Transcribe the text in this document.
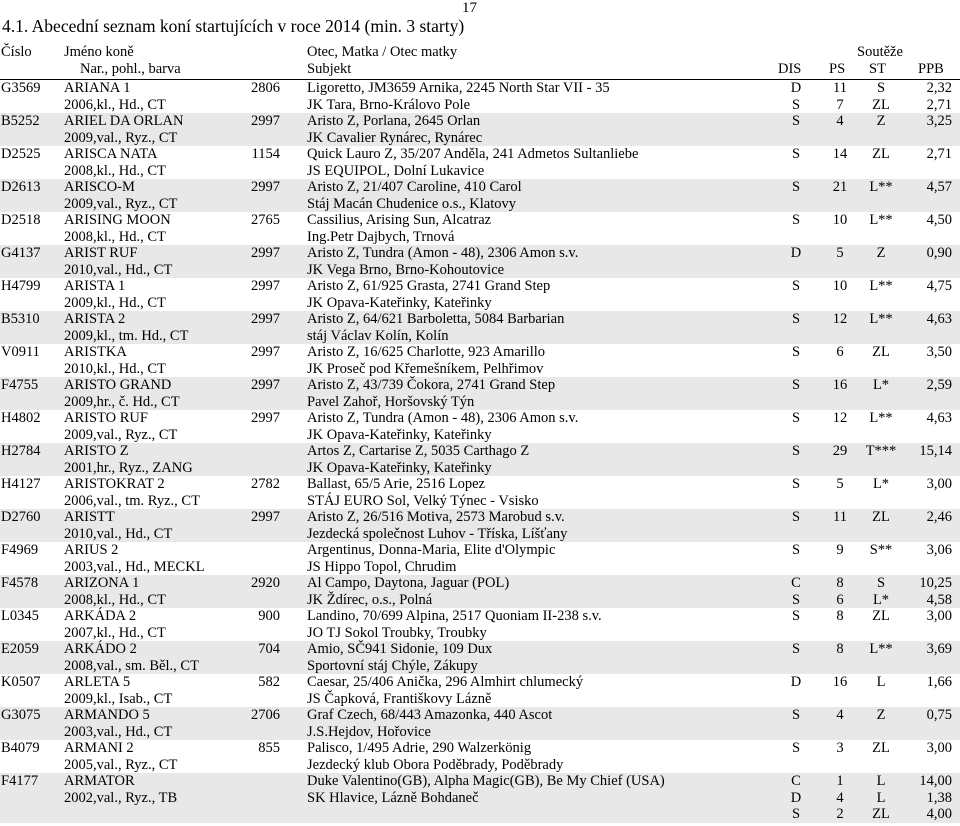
17
4.1. Abecední seznam koní startujících v roce 2014 (min. 3 starty)
Číslo Jméno koně
Nar., pohl., barva
Otec, Matka / Otec matky
Subjekt
Soutěže
DIS PS ST PPB
G3569 ARIANA 1	2806 Ligoretto, JM3659 Arnika, 2245 North Star VII - 35	D	11	S	2,32
2006,kl., Hd., CT	JK Tara, Brno-Královo Pole	S	7	ZL	2,71
B5252 ARIEL DA ORLAN	2997 Aristo Z, Porlana, 2645 Orlan	S	4	Z	3,25
2009,val., Ryz., CT	JK Cavalier Rynárec, Rynárec
D2525 ARISCA NATA	1154 Quick Lauro Z, 35/207 Anděla, 241 Admetos Sultanliebe	S	14	ZL	2,71
2008,kl., Hd., CT	JS EQUIPOL, Dolní Lukavice
D2613 ARISCO-M	2997 Aristo Z, 21/407 Caroline, 410 Carol	S	21	L**	4,57
2009,val., Ryz., CT	Stáj Macán Chudenice o.s., Klatovy
D2518 ARISING MOON	2765 Cassilius, Arising Sun, Alcatraz	S	10	L**	4,50
2008,kl., Hd., CT	Ing.Petr Dajbych, Trnová
G4137 ARIST RUF	2997 Aristo Z, Tundra (Amon - 48), 2306 Amon s.v.	D	5	Z	0,90
2010,val., Hd., CT	JK Vega Brno, Brno-Kohoutovice
H4799 ARISTA 1	2997 Aristo Z, 61/925 Grasta, 2741 Grand Step	S	10	L**	4,75
2009,kl., Hd., CT	JK Opava-Kateřinky, Kateřinky
B5310 ARISTA 2	2997 Aristo Z, 64/621 Barboletta, 5084 Barbarian	S	12	L**	4,63
2009,kl., tm. Hd., CT	stáj Václav Kolín, Kolín
V0911 ARISTKA	2997 Aristo Z, 16/625 Charlotte, 923 Amarillo	S	6	ZL	3,50
2010,kl., Hd., CT	JK Proseč pod Křemešníkem, Pelhřimov
F4755 ARISTO GRAND	2997 Aristo Z, 43/739 Čokora, 2741 Grand Step	S	16	L*	2,59
2009,hr., č. Hd., CT	Pavel Zahoř, Horšovský Týn
H4802 ARISTO RUF	2997 Aristo Z, Tundra (Amon - 48), 2306 Amon s.v.	S	12	L**	4,63
2009,val., Ryz., CT	JK Opava-Kateřinky, Kateřinky
H2784 ARISTO Z	Artos Z, Cartarise Z, 5035 Carthago Z	S	29	T***	15,14
2001,hr., Ryz., ZANG	JK Opava-Kateřinky, Kateřinky
H4127 ARISTOKRAT 2	2782 Ballast, 65/5 Arie, 2516 Lopez	S	5	L*	3,00
2006,val., tm. Ryz., CT	STÁJ EURO Sol, Velký Týnec - Vsisko
D2760 ARISTT	2997 Aristo Z, 26/516 Motiva, 2573 Marobud s.v.	S	11	ZL	2,46
2010,val., Hd., CT	Jezdecká společnost Luhov - Tříska, Líšťany
F4969 ARIUS 2	Argentinus, Donna-Maria, Elite d'Olympic	S	9	S**	3,06
2003,val., Hd., MECKL	JS Hippo Topol, Chrudim
F4578 ARIZONA 1	2920 Al Campo, Daytona, Jaguar (POL)	C	8	S	10,25
2008,kl., Hd., CT	JK Ždírec, o.s., Polná	S	6	L*	4,58
L0345 ARKÁDA 2	900 Landino, 70/699 Alpina, 2517 Quoniam II-238 s.v.	S	8	ZL	3,00
2007,kl., Hd., CT	JO TJ Sokol Troubky, Troubky
E2059 ARKÁDO 2	704 Amio, SČ941 Sidonie, 109 Dux	S	8	L**	3,69
2008,val., sm. Běl., CT	Sportovní stáj Chýle, Zákupy
K0507 ARLETA 5	582 Caesar, 25/406 Anička, 296 Almhirt chlumecký	D	16	L	1,66
2009,kl., Isab., CT	JS Čapková, Františkovy Lázně
G3075 ARMANDO 5	2706 Graf Czech, 68/443 Amazonka, 440 Ascot	S	4	Z	0,75
2003,val., Hd., CT	J.S.Hejdov, Hořovice
B4079 ARMANI 2	855 Palisco, 1/495 Adrie, 290 Walzerkönig	S	3	ZL	3,00
2005,val., Ryz., CT	Jezdecký klub Obora Poděbrady, Poděbrady
F4177 ARMATOR	Duke Valentino(GB), Alpha Magic(GB), Be My Chief (USA)	C	1	L	14,00
2002,val., Ryz., TB	SK Hlavice, Lázně Bohdaneč	D	4	L	1,38
S	2	ZL	4,00
